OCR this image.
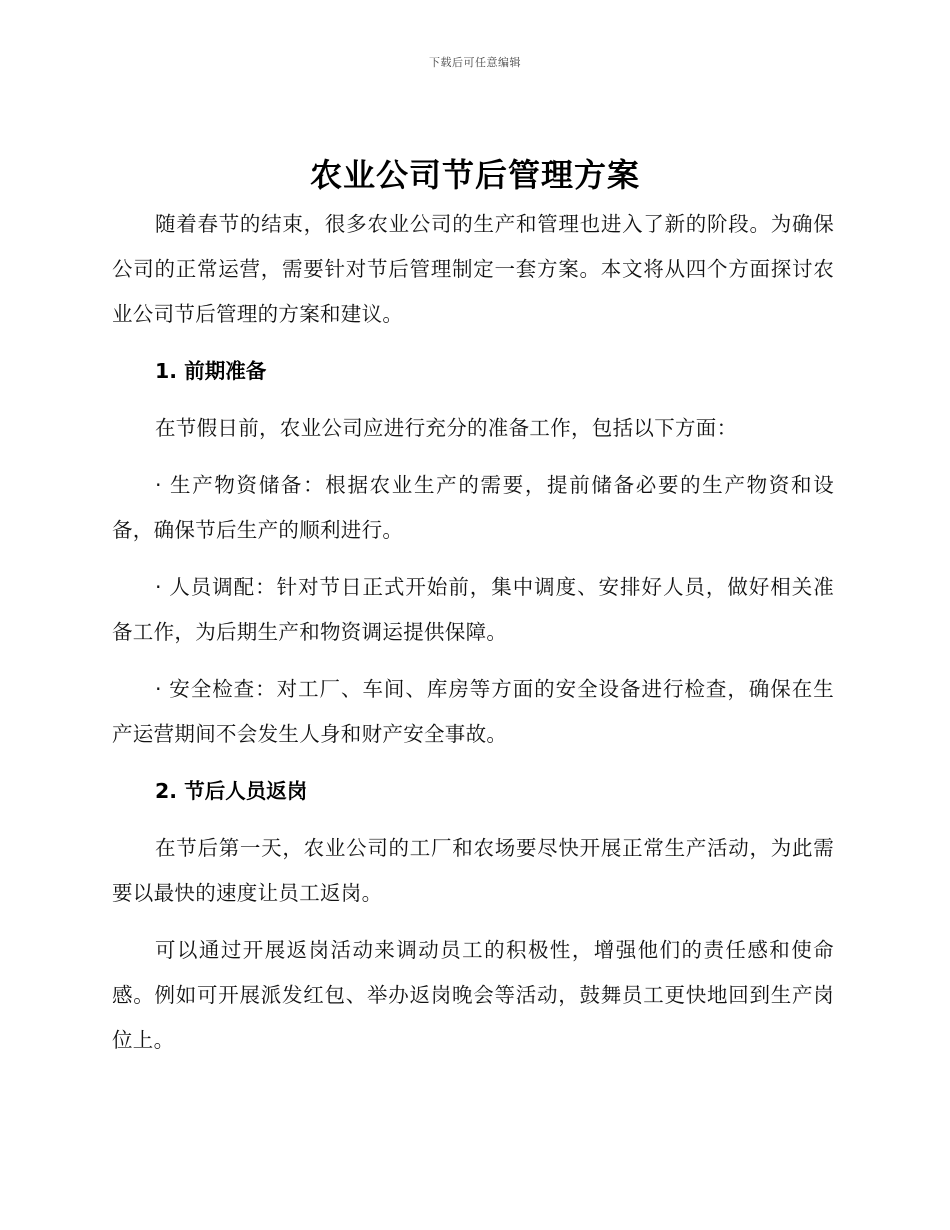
下载后可任意编辑
农业公司节后管理方案

随着春节的结束，很多农业公司的生产和管理也进入了新的阶段。为确保公司的正常运营，需要针对节后管理制定一套方案。本文将从四个方面探讨农业公司节后管理的方案和建议。

1. 前期准备

在节假日前，农业公司应进行充分的准备工作，包括以下方面：

· 生产物资储备：根据农业生产的需要，提前储备必要的生产物资和设备，确保节后生产的顺利进行。

· 人员调配：针对节日正式开始前，集中调度、安排好人员，做好相关准备工作，为后期生产和物资调运提供保障。

· 安全检查：对工厂、车间、库房等方面的安全设备进行检查，确保在生产运营期间不会发生人身和财产安全事故。

2. 节后人员返岗

在节后第一天，农业公司的工厂和农场要尽快开展正常生产活动，为此需要以最快的速度让员工返岗。

可以通过开展返岗活动来调动员工的积极性，增强他们的责任感和使命感。例如可开展派发红包、举办返岗晚会等活动，鼓舞员工更快地回到生产岗位上。
